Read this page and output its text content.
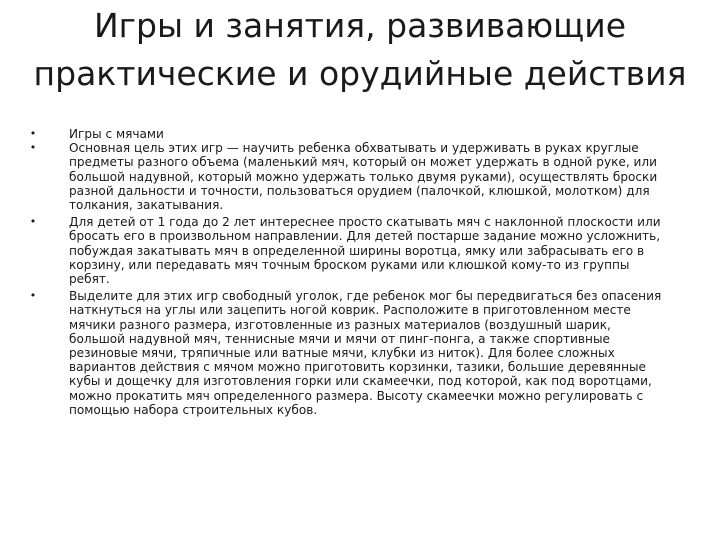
Игры и занятия, развивающие
практические и орудийные действия
•	Игры с мячами
•	Основная цель этих игр — научить ребенка обхватывать и удерживать в руках круглые предметы разного объема (маленький мяч, который он может удержать в одной руке, или большой надувной, который можно удержать только двумя руками), осуществлять броски разной дальности и точности, пользоваться орудием (палочкой, клюшкой, молотком) для толкания, закатывания.
•	Для детей от 1 года до 2 лет интереснее просто скатывать мяч с наклонной плоскости или бросать его в произвольном направлении. Для детей постарше задание можно усложнить, побуждая закатывать мяч в определенной ширины воротца, ямку или забрасывать его в корзину, или передавать мяч точным броском руками или клюшкой кому-то из группы ребят.
•	Выделите для этих игр свободный уголок, где ребенок мог бы передвигаться без опасения наткнуться на углы или зацепить ногой коврик. Расположите в приготовленном месте мячики разного размера, изготовленные из разных материалов (воздушный шарик, большой надувной мяч, теннисные мячи и мячи от пинг-понга, а также спортивные резиновые мячи, тряпичные или ватные мячи, клубки из ниток). Для более сложных вариантов действия с мячом можно приготовить корзинки, тазики, большие деревянные кубы и дощечку для изготовления горки или скамеечки, под которой, как под воротцами, можно прокатить мяч определенного размера. Высоту скамеечки можно регулировать с помощью набора строительных кубов.
